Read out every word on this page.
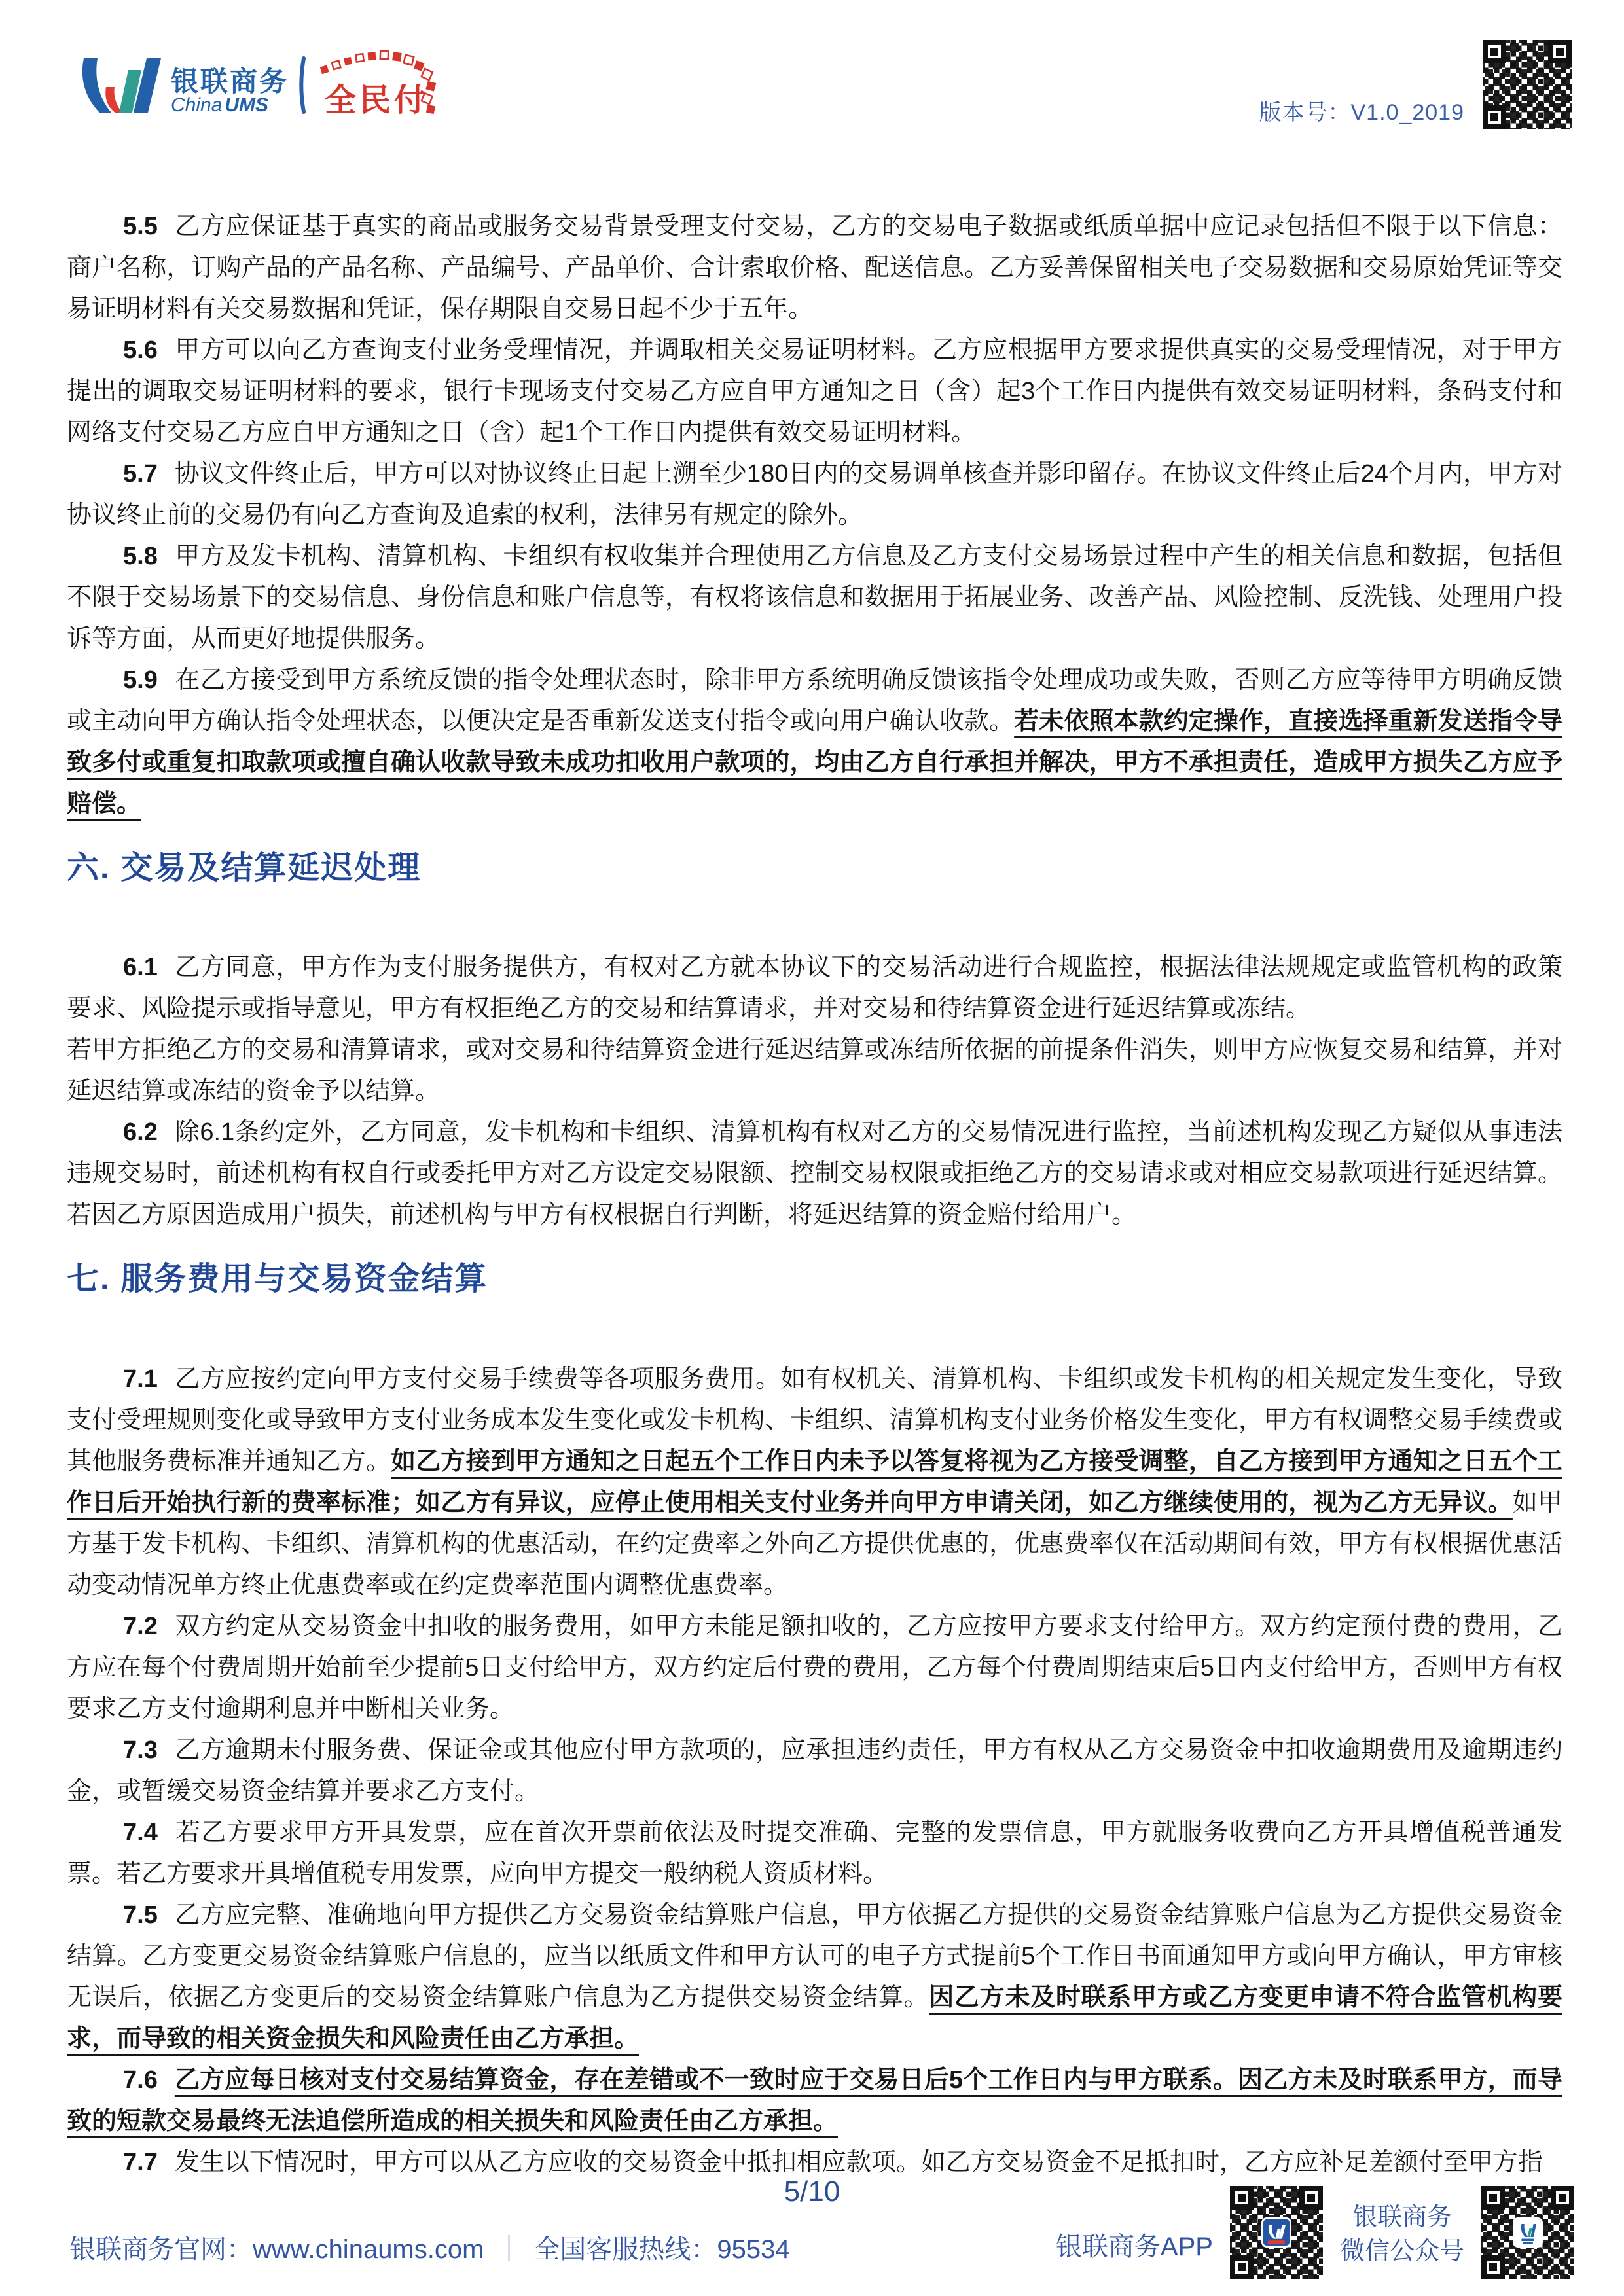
银联商务
China UMS 全民付	版本号：V1.0_2019

5.5 乙方应保证基于真实的商品或服务交易背景受理支付交易，乙方的交易电子数据或纸质单据中应记录包括但不限于以下信息：商户名称，订购产品的产品名称、产品编号、产品单价、合计索取价格、配送信息。乙方妥善保留相关电子交易数据和交易原始凭证等交易证明材料有关交易数据和凭证，保存期限自交易日起不少于五年。

5.6 甲方可以向乙方查询支付业务受理情况，并调取相关交易证明材料。乙方应根据甲方要求提供真实的交易受理情况，对于甲方提出的调取交易证明材料的要求，银行卡现场支付交易乙方应自甲方通知之日（含）起3个工作日内提供有效交易证明材料，条码支付和网络支付交易乙方应自甲方通知之日（含）起1个工作日内提供有效交易证明材料。

5.7 协议文件终止后，甲方可以对协议终止日起上溯至少180日内的交易调单核查并影印留存。在协议文件终止后24个月内，甲方对协议终止前的交易仍有向乙方查询及追索的权利，法律另有规定的除外。

5.8 甲方及发卡机构、清算机构、卡组织有权收集并合理使用乙方信息及乙方支付交易场景过程中产生的相关信息和数据，包括但不限于交易场景下的交易信息、身份信息和账户信息等，有权将该信息和数据用于拓展业务、改善产品、风险控制、反洗钱、处理用户投诉等方面，从而更好地提供服务。

5.9 在乙方接受到甲方系统反馈的指令处理状态时，除非甲方系统明确反馈该指令处理成功或失败，否则乙方应等待甲方明确反馈或主动向甲方确认指令处理状态，以便决定是否重新发送支付指令或向用户确认收款。若未依照本款约定操作，直接选择重新发送指令导致多付或重复扣取款项或擅自确认收款导致未成功扣收用户款项的，均由乙方自行承担并解决，甲方不承担责任，造成甲方损失乙方应予赔偿。

六. 交易及结算延迟处理

6.1 乙方同意，甲方作为支付服务提供方，有权对乙方就本协议下的交易活动进行合规监控，根据法律法规规定或监管机构的政策要求、风险提示或指导意见，甲方有权拒绝乙方的交易和结算请求，并对交易和待结算资金进行延迟结算或冻结。

若甲方拒绝乙方的交易和清算请求，或对交易和待结算资金进行延迟结算或冻结所依据的前提条件消失，则甲方应恢复交易和结算，并对延迟结算或冻结的资金予以结算。

6.2 除6.1条约定外，乙方同意，发卡机构和卡组织、清算机构有权对乙方的交易情况进行监控，当前述机构发现乙方疑似从事违法违规交易时，前述机构有权自行或委托甲方对乙方设定交易限额、控制交易权限或拒绝乙方的交易请求或对相应交易款项进行延迟结算。若因乙方原因造成用户损失，前述机构与甲方有权根据自行判断，将延迟结算的资金赔付给用户。

七. 服务费用与交易资金结算

7.1 乙方应按约定向甲方支付交易手续费等各项服务费用。如有权机关、清算机构、卡组织或发卡机构的相关规定发生变化，导致支付受理规则变化或导致甲方支付业务成本发生变化或发卡机构、卡组织、清算机构支付业务价格发生变化，甲方有权调整交易手续费或其他服务费标准并通知乙方。如乙方接到甲方通知之日起五个工作日内未予以答复将视为乙方接受调整，自乙方接到甲方通知之日五个工作日后开始执行新的费率标准；如乙方有异议，应停止使用相关支付业务并向甲方申请关闭，如乙方继续使用的，视为乙方无异议。如甲方基于发卡机构、卡组织、清算机构的优惠活动，在约定费率之外向乙方提供优惠的，优惠费率仅在活动期间有效，甲方有权根据优惠活动变动情况单方终止优惠费率或在约定费率范围内调整优惠费率。

7.2 双方约定从交易资金中扣收的服务费用，如甲方未能足额扣收的，乙方应按甲方要求支付给甲方。双方约定预付费的费用，乙方应在每个付费周期开始前至少提前5日支付给甲方，双方约定后付费的费用，乙方每个付费周期结束后5日内支付给甲方，否则甲方有权要求乙方支付逾期利息并中断相关业务。

7.3 乙方逾期未付服务费、保证金或其他应付甲方款项的，应承担违约责任，甲方有权从乙方交易资金中扣收逾期费用及逾期违约金，或暂缓交易资金结算并要求乙方支付。

7.4 若乙方要求甲方开具发票，应在首次开票前依法及时提交准确、完整的发票信息，甲方就服务收费向乙方开具增值税普通发票。若乙方要求开具增值税专用发票，应向甲方提交一般纳税人资质材料。

7.5 乙方应完整、准确地向甲方提供乙方交易资金结算账户信息，甲方依据乙方提供的交易资金结算账户信息为乙方提供交易资金结算。乙方变更交易资金结算账户信息的，应当以纸质文件和甲方认可的电子方式提前5个工作日书面通知甲方或向甲方确认，甲方审核无误后，依据乙方变更后的交易资金结算账户信息为乙方提供交易资金结算。因乙方未及时联系甲方或乙方变更申请不符合监管机构要求，而导致的相关资金损失和风险责任由乙方承担。

7.6 乙方应每日核对支付交易结算资金，存在差错或不一致时应于交易日后5个工作日内与甲方联系。因乙方未及时联系甲方，而导致的短款交易最终无法追偿所造成的相关损失和风险责任由乙方承担。

7.7 发生以下情况时，甲方可以从乙方应收的交易资金中抵扣相应款项。如乙方交易资金不足抵扣时，乙方应补足差额付至甲方指

5/10
银联商务官网：www.chinaums.com ｜ 全国客服热线：95534	银联商务APP
银联商务
微信公众号
